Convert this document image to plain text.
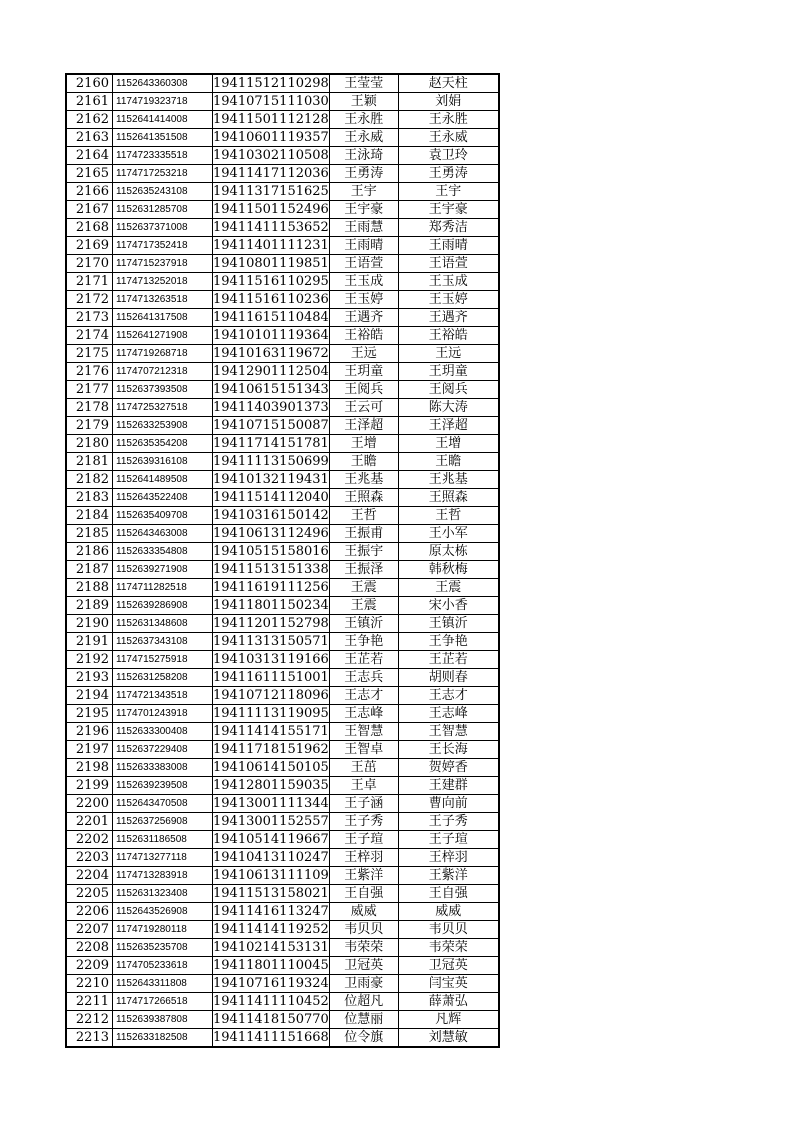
2160	1152643360308	19411512110298	王莹莹	赵天柱
2161	1174719323718	19410715111030	王颖	刘娟
2162	1152641414008	19411501112128	王永胜	王永胜
2163	1152641351508	19410601119357	王永威	王永威
2164	1174723335518	19410302110508	王泳琦	袁卫玲
2165	1174717253218	19411417112036	王勇涛	王勇涛
2166	1152635243108	19411317151625	王宇	王宇
2167	1152631285708	19411501152496	王宇豪	王宇豪
2168	1152637371008	19411411153652	王雨慧	郑秀洁
2169	1174717352418	19411401111231	王雨晴	王雨晴
2170	1174715237918	19410801119851	王语萱	王语萱
2171	1174713252018	19411516110295	王玉成	王玉成
2172	1174713263518	19411516110236	王玉婷	王玉婷
2173	1152641317508	19411615110484	王遇齐	王遇齐
2174	1152641271908	19410101119364	王裕皓	王裕皓
2175	1174719268718	19410163119672	王远	王远
2176	1174707212318	19412901112504	王玥童	王玥童
2177	1152637393508	19410615151343	王阅兵	王阅兵
2178	1174725327518	19411403901373	王云可	陈大涛
2179	1152633253908	19410715150087	王泽超	王泽超
2180	1152635354208	19411714151781	王增	王增
2181	1152639316108	19411113150699	王瞻	王瞻
2182	1152641489508	19410132119431	王兆基	王兆基
2183	1152643522408	19411514112040	王照森	王照森
2184	1152635409708	19410316150142	王哲	王哲
2185	1152643463008	19410613112496	王振甫	王小军
2186	1152633354808	19410515158016	王振宇	原太栋
2187	1152639271908	19411513151338	王振泽	韩秋梅
2188	1174711282518	19411619111256	王震	王震
2189	1152639286908	19411801150234	王震	宋小香
2190	1152631348608	19411201152798	王镇沂	王镇沂
2191	1152637343108	19411313150571	王争艳	王争艳
2192	1174715275918	19410313119166	王芷若	王芷若
2193	1152631258208	19411611151001	王志兵	胡则春
2194	1174721343518	19410712118096	王志才	王志才
2195	1174701243918	19411113119095	王志峰	王志峰
2196	1152633300408	19411414155171	王智慧	王智慧
2197	1152637229408	19411718151962	王智卓	王长海
2198	1152633383008	19410614150105	王茁	贺婷香
2199	1152639239508	19412801159035	王卓	王建群
2200	1152643470508	19413001111344	王子涵	曹向前
2201	1152637256908	19413001152557	王子秀	王子秀
2202	1152631186508	19410514119667	王子瑄	王子瑄
2203	1174713277118	19410413110247	王梓羽	王梓羽
2204	1174713283918	19410613111109	王紫洋	王紫洋
2205	1152631323408	19411513158021	王自强	王自强
2206	1152643526908	19411416113247	威威	威威
2207	1174719280118	19411414119252	韦贝贝	韦贝贝
2208	1152635235708	19410214153131	韦荣荣	韦荣荣
2209	1174705233618	19411801110045	卫冠英	卫冠英
2210	1152643311808	19410716119324	卫雨豪	闫宝英
2211	1174717266518	19411411110452	位超凡	薛萧弘
2212	1152639387808	19411418150770	位慧丽	凡辉
2213	1152633182508	19411411151668	位令旗	刘慧敏
